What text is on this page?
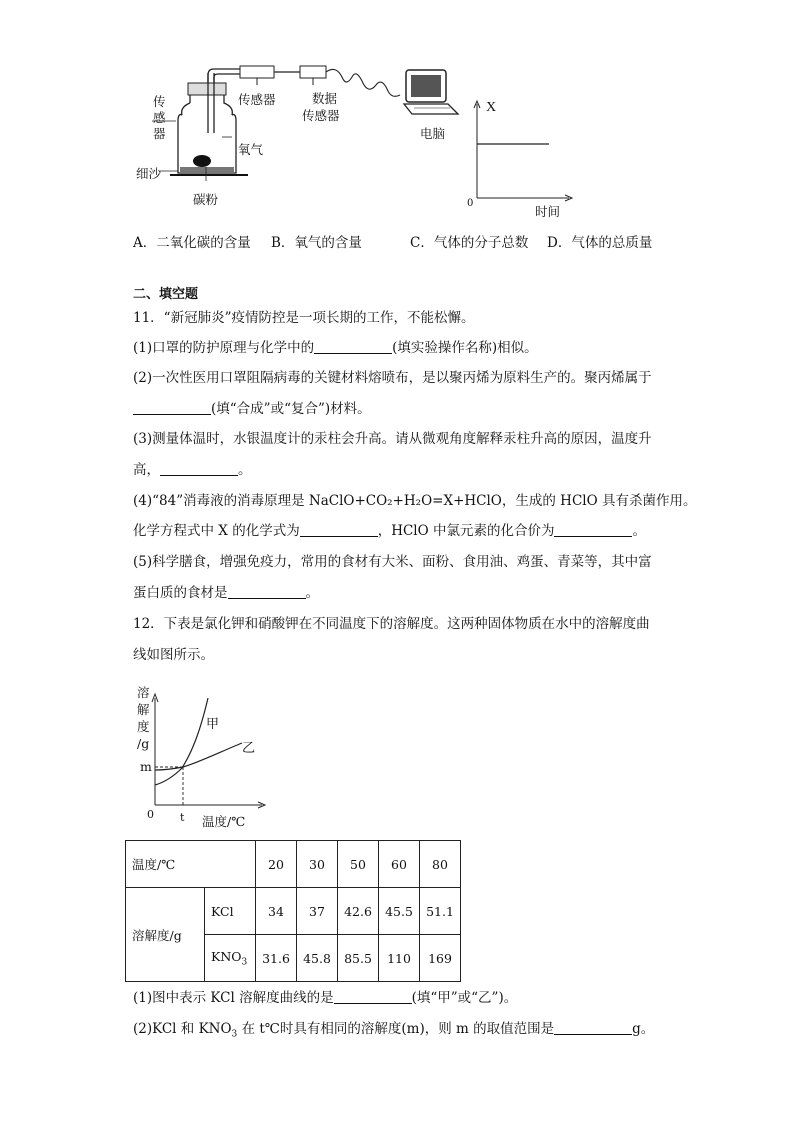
传
感
器
传感器	数据
传感器
电脑
氧气
细沙
碳粉
X
0
时间
A．二氧化碳的含量 B．氧气的含量	C．气体的分子总数 D．气体的总质量
二、填空题
11．“新冠肺炎”疫情防控是一项长期的工作，不能松懈。
(1)口罩的防护原理与化学中的	(填实验操作名称)相似。
(2)一次性医用口罩阻隔病毒的关键材料熔喷布，是以聚丙烯为原料生产的。聚丙烯属于
(填“合成”或“复合”)材料。
(3)测量体温时，水银温度计的汞柱会升高。请从微观角度解释汞柱升高的原因，温度升
高，	。
(4)“84”消毒液的消毒原理是 NaClO+CO₂+H₂O=X+HClO，生成的 HClO 具有杀菌作用。
化学方程式中 X 的化学式为	，HClO 中氯元素的化合价为	。
(5)科学膳食，增强免疫力，常用的食材有大米、面粉、食用油、鸡蛋、青菜等，其中富
蛋白质的食材是	。
12．下表是氯化钾和硝酸钾在不同温度下的溶解度。这两种固体物质在水中的溶解度曲
线如图所示。
溶
解
度
/g
m
0 t 温度/℃
甲
乙
温度/℃		20	30	50	60	80
溶解度/g	KCl	34	37	42.6	45.5	51.1
	$KNO_3$	31.6	45.8	85.5	110	169
(1)图中表示 KCl 溶解度曲线的是	(填“甲”或“乙”)。
(2)KCl 和 $KNO_3$ 在 t℃时具有相同的溶解度(m)，则 m 的取值范围是	g。
